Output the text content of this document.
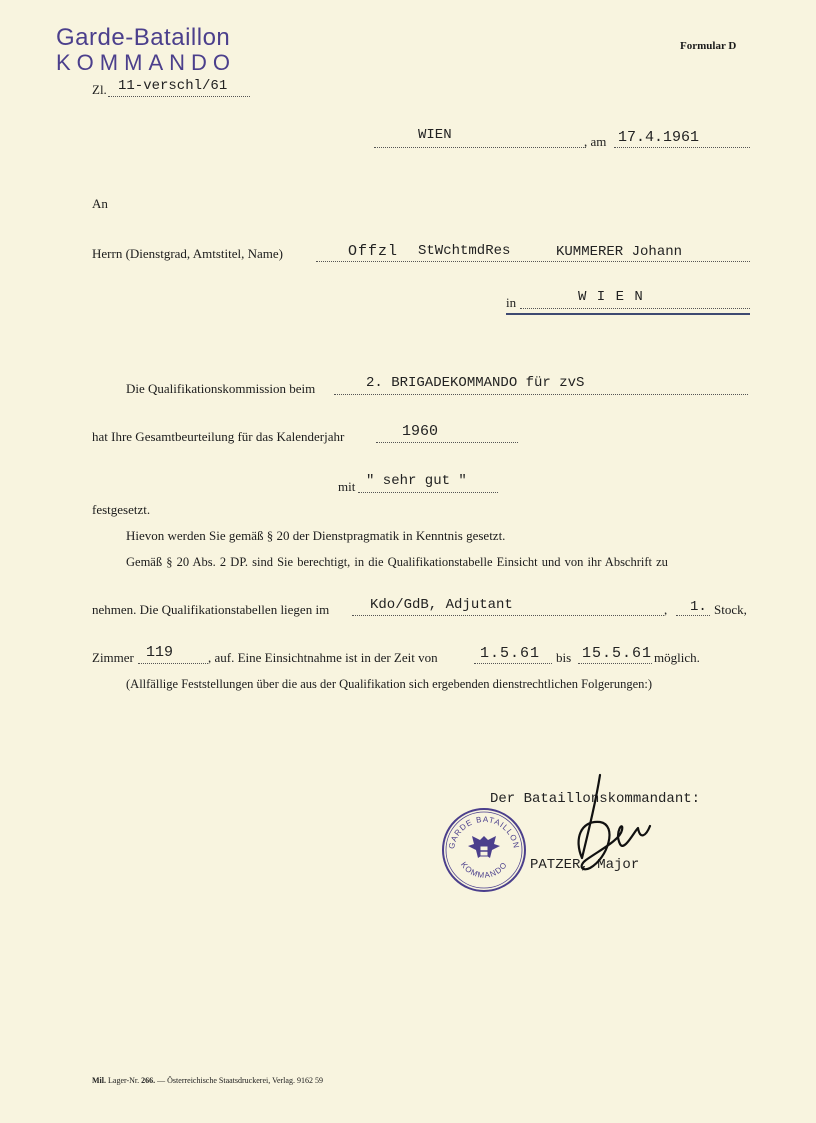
Garde-Bataillon
KOMMANDO
Zl. 11-verschl/61
Formular D
WIEN	, am 17.4.1961
An
Herrn (Dienstgrad, Amtstitel, Name)	Offzl StWchtmdRes	KUMMERER Johann
in	W I E N
Die Qualifikationskommission beim	2. BRIGADEKOMMANDO für zvS
hat Ihre Gesamtbeurteilung für das Kalenderjahr	1960
mit " sehr gut "
festgesetzt.
Hievon werden Sie gemäß § 20 der Dienstpragmatik in Kenntnis gesetzt.
Gemäß § 20 Abs. 2 DP. sind Sie berechtigt, in die Qualifikationstabelle Einsicht und von ihr Abschrift zu
nehmen. Die Qualifikationstabellen liegen im	Kdo/GdB, Adjutant	, 1. Stock,
Zimmer 119	, auf. Eine Einsichtnahme ist in der Zeit von	1.5.61 bis 15.5.61 möglich.
(Allfällige Feststellungen über die aus der Qualifikation sich ergebenden dienstrechtlichen Folgerungen:)
Der Bataillonskommandant:
GARDE BATAILLON
KOMMANDO PATZER, Major
Mil. Lager-Nr. 266. — Österreichische Staatsdruckerei, Verlag. 9162 59
